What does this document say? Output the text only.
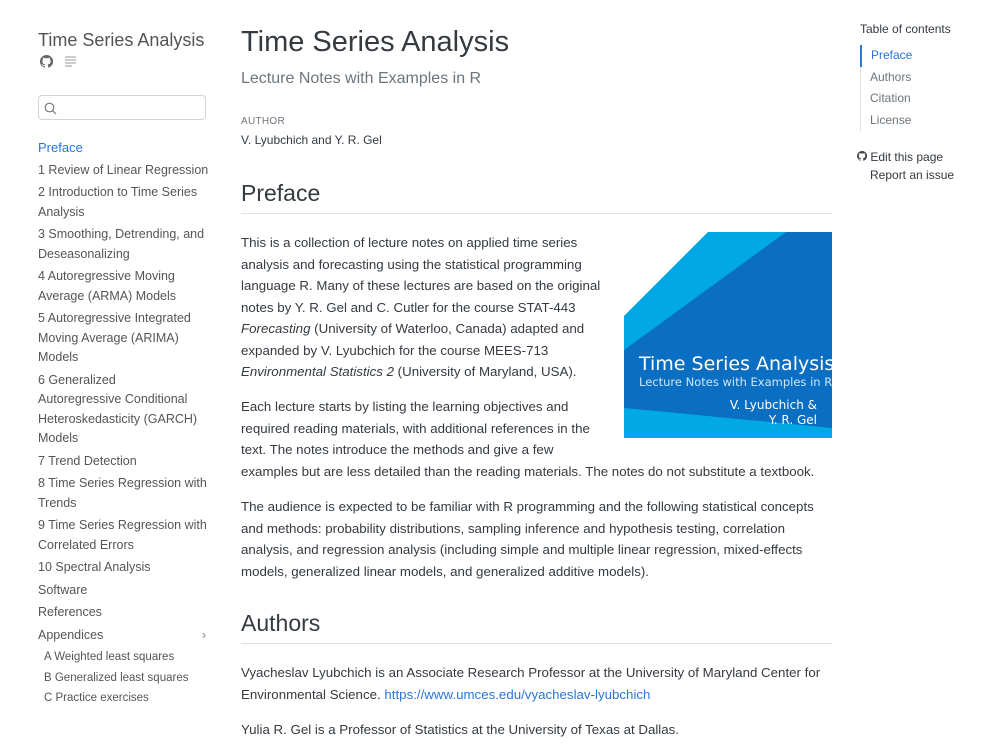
Time Series Analysis
Preface
1 Review of Linear Regression
2 Introduction to Time Series Analysis
3 Smoothing, Detrending, and Deseasonalizing
4 Autoregressive Moving Average (ARMA) Models
5 Autoregressive Integrated Moving Average (ARIMA) Models
6 Generalized Autoregressive Conditional Heteroskedasticity (GARCH) Models
7 Trend Detection
8 Time Series Regression with Trends
9 Time Series Regression with Correlated Errors
10 Spectral Analysis
Software
References
Appendices	›
A Weighted least squares
B Generalized least squares
C Practice exercises
Time Series Analysis
Lecture Notes with Examples in R
AUTHOR
V. Lyubchich and Y. R. Gel
Preface
Time Series Analysis
Lecture Notes with Examples in R
V. Lyubchich &
Y. R. Gel
This is a collection of lecture notes on applied time series analysis and forecasting using the statistical programming language R. Many of these lectures are based on the original notes by Y. R. Gel and C. Cutler for the course STAT-443 Forecasting (University of Waterloo, Canada) adapted and expanded by V. Lyubchich for the course MEES-713 Environmental Statistics 2 (University of Maryland, USA).
Each lecture starts by listing the learning objectives and required reading materials, with additional references in the text. The notes introduce the methods and give a few examples but are less detailed than the reading materials. The notes do not substitute a textbook.
The audience is expected to be familiar with R programming and the following statistical concepts and methods: probability distributions, sampling inference and hypothesis testing, correlation analysis, and regression analysis (including simple and multiple linear regression, mixed-effects models, generalized linear models, and generalized additive models).
Authors
Vyacheslav Lyubchich is an Associate Research Professor at the University of Maryland Center for Environmental Science. https://www.umces.edu/vyacheslav-lyubchich
Yulia R. Gel is a Professor of Statistics at the University of Texas at Dallas.
Table of contents
Preface
Authors
Citation
License
Edit this page
Report an issue
